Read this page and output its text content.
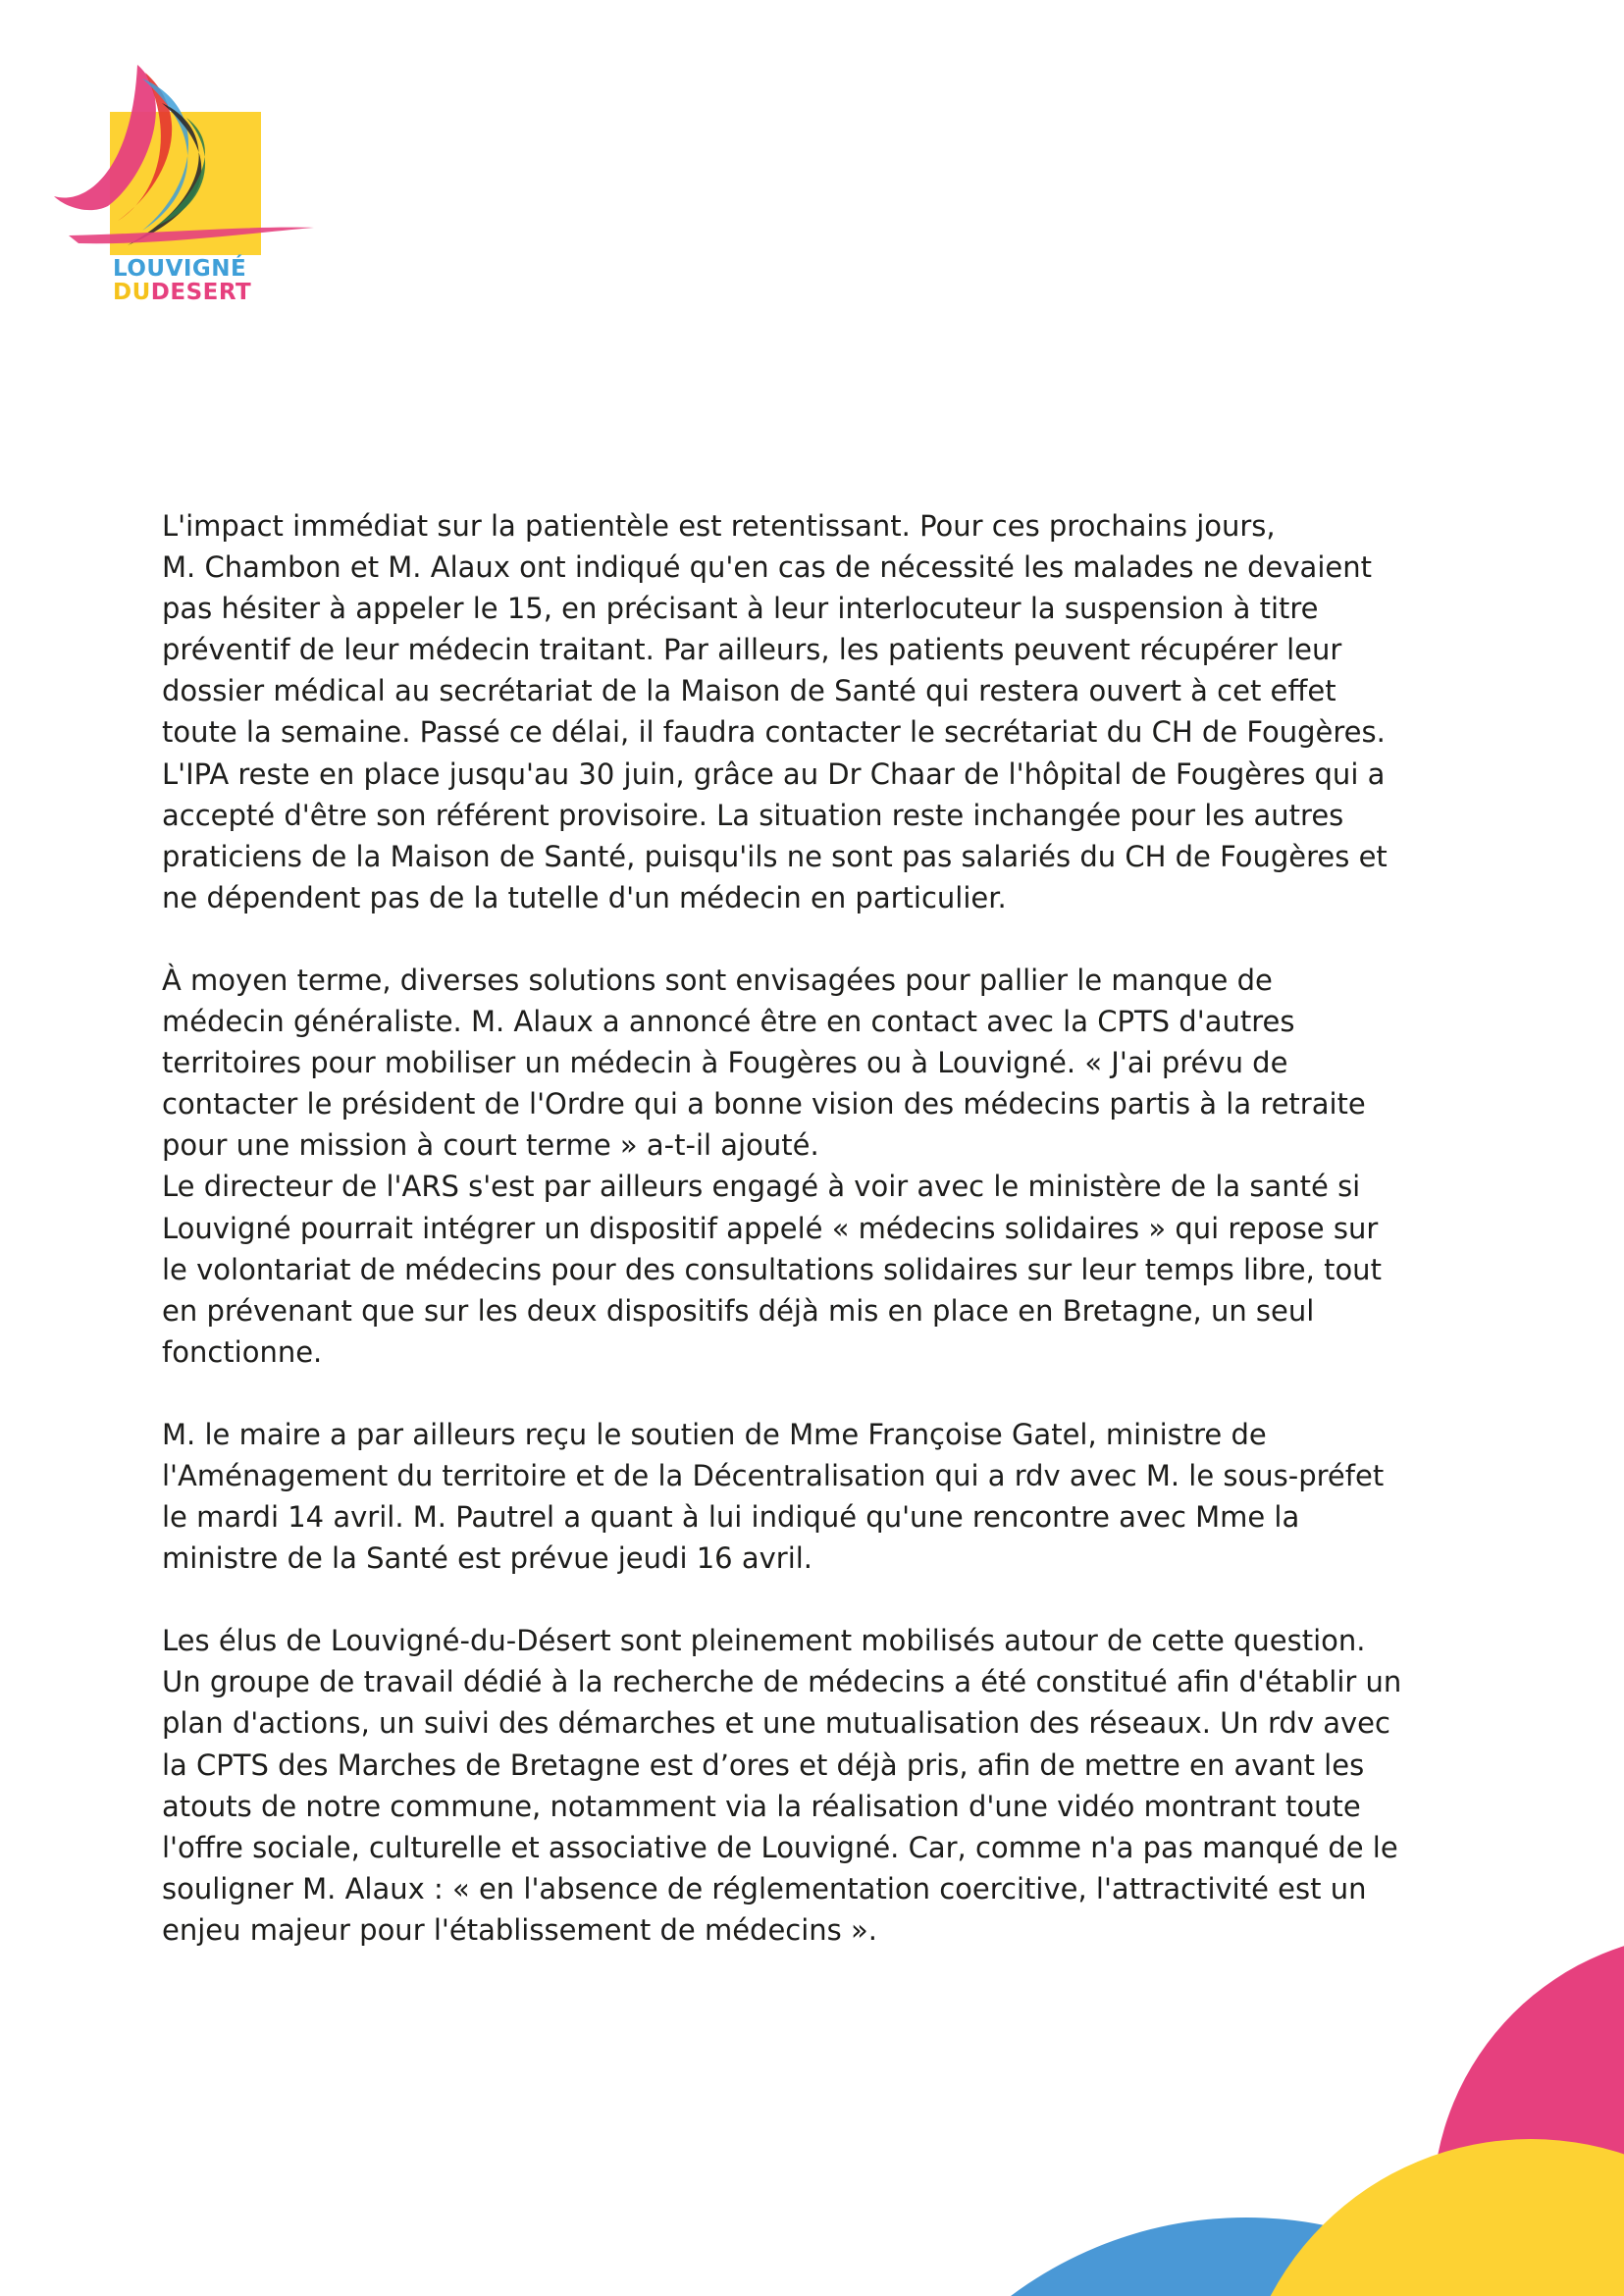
LOUVIGNÉ
DUDESERT

L'impact immédiat sur la patientèle est retentissant. Pour ces prochains jours,
M. Chambon et M. Alaux ont indiqué qu'en cas de nécessité les malades ne devaient
pas hésiter à appeler le 15, en précisant à leur interlocuteur la suspension à titre
préventif de leur médecin traitant. Par ailleurs, les patients peuvent récupérer leur
dossier médical au secrétariat de la Maison de Santé qui restera ouvert à cet effet
toute la semaine. Passé ce délai, il faudra contacter le secrétariat du CH de Fougères.
L'IPA reste en place jusqu'au 30 juin, grâce au Dr Chaar de l'hôpital de Fougères qui a
accepté d'être son référent provisoire. La situation reste inchangée pour les autres
praticiens de la Maison de Santé, puisqu'ils ne sont pas salariés du CH de Fougères et
ne dépendent pas de la tutelle d'un médecin en particulier.

À moyen terme, diverses solutions sont envisagées pour pallier le manque de
médecin généraliste. M. Alaux a annoncé être en contact avec la CPTS d'autres
territoires pour mobiliser un médecin à Fougères ou à Louvigné. « J'ai prévu de
contacter le président de l'Ordre qui a bonne vision des médecins partis à la retraite
pour une mission à court terme » a-t-il ajouté.

Le directeur de l'ARS s'est par ailleurs engagé à voir avec le ministère de la santé si
Louvigné pourrait intégrer un dispositif appelé « médecins solidaires » qui repose sur
le volontariat de médecins pour des consultations solidaires sur leur temps libre, tout
en prévenant que sur les deux dispositifs déjà mis en place en Bretagne, un seul
fonctionne.

M. le maire a par ailleurs reçu le soutien de Mme Françoise Gatel, ministre de
l'Aménagement du territoire et de la Décentralisation qui a rdv avec M. le sous-préfet
le mardi 14 avril. M. Pautrel a quant à lui indiqué qu'une rencontre avec Mme la
ministre de la Santé est prévue jeudi 16 avril.

Les élus de Louvigné-du-Désert sont pleinement mobilisés autour de cette question.
Un groupe de travail dédié à la recherche de médecins a été constitué afin d'établir un
plan d'actions, un suivi des démarches et une mutualisation des réseaux. Un rdv avec
la CPTS des Marches de Bretagne est d’ores et déjà pris, afin de mettre en avant les
atouts de notre commune, notamment via la réalisation d'une vidéo montrant toute
l'offre sociale, culturelle et associative de Louvigné. Car, comme n'a pas manqué de le
souligner M. Alaux : « en l'absence de réglementation coercitive, l'attractivité est un
enjeu majeur pour l'établissement de médecins ».
